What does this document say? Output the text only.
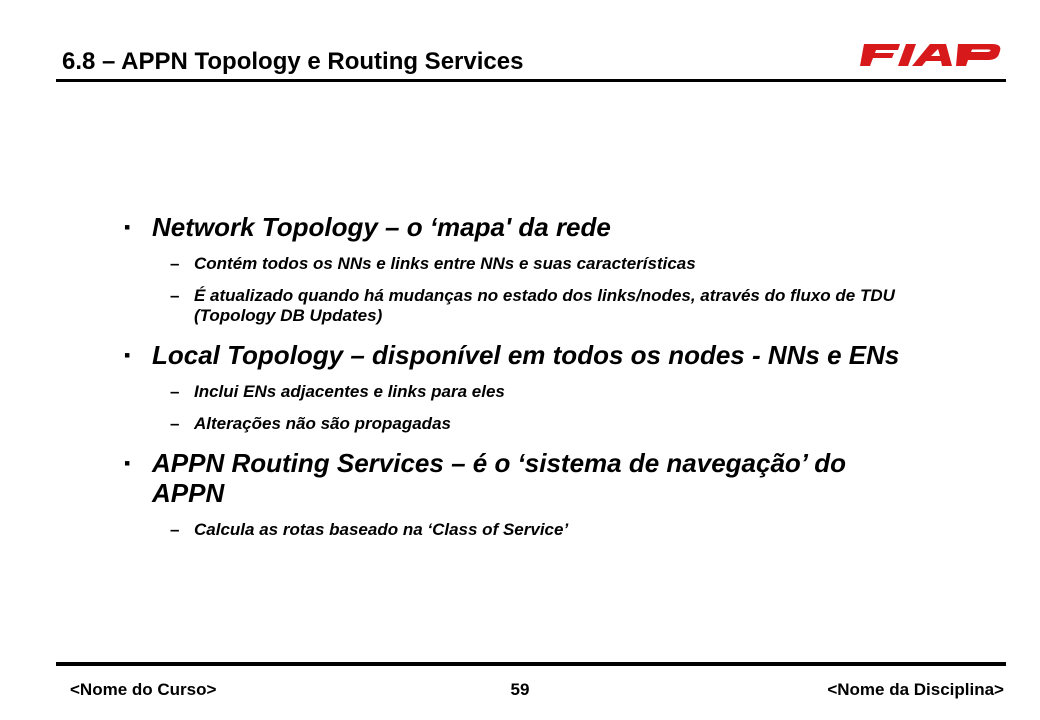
6.8 – APPN Topology e Routing Services
▪ Network Topology – o ‘mapa' da rede
– Contém todos os NNs e links entre NNs e suas características
– É atualizado quando há mudanças no estado dos links/nodes, através do fluxo de TDU (Topology DB Updates)
▪ Local Topology – disponível em todos os nodes - NNs e ENs
– Inclui ENs adjacentes e links para eles
– Alterações não são propagadas
▪ APPN Routing Services – é o ‘sistema de navegação’ do APPN
– Calcula as rotas baseado na ‘Class of Service’
<Nome do Curso>	59	<Nome da Disciplina>
